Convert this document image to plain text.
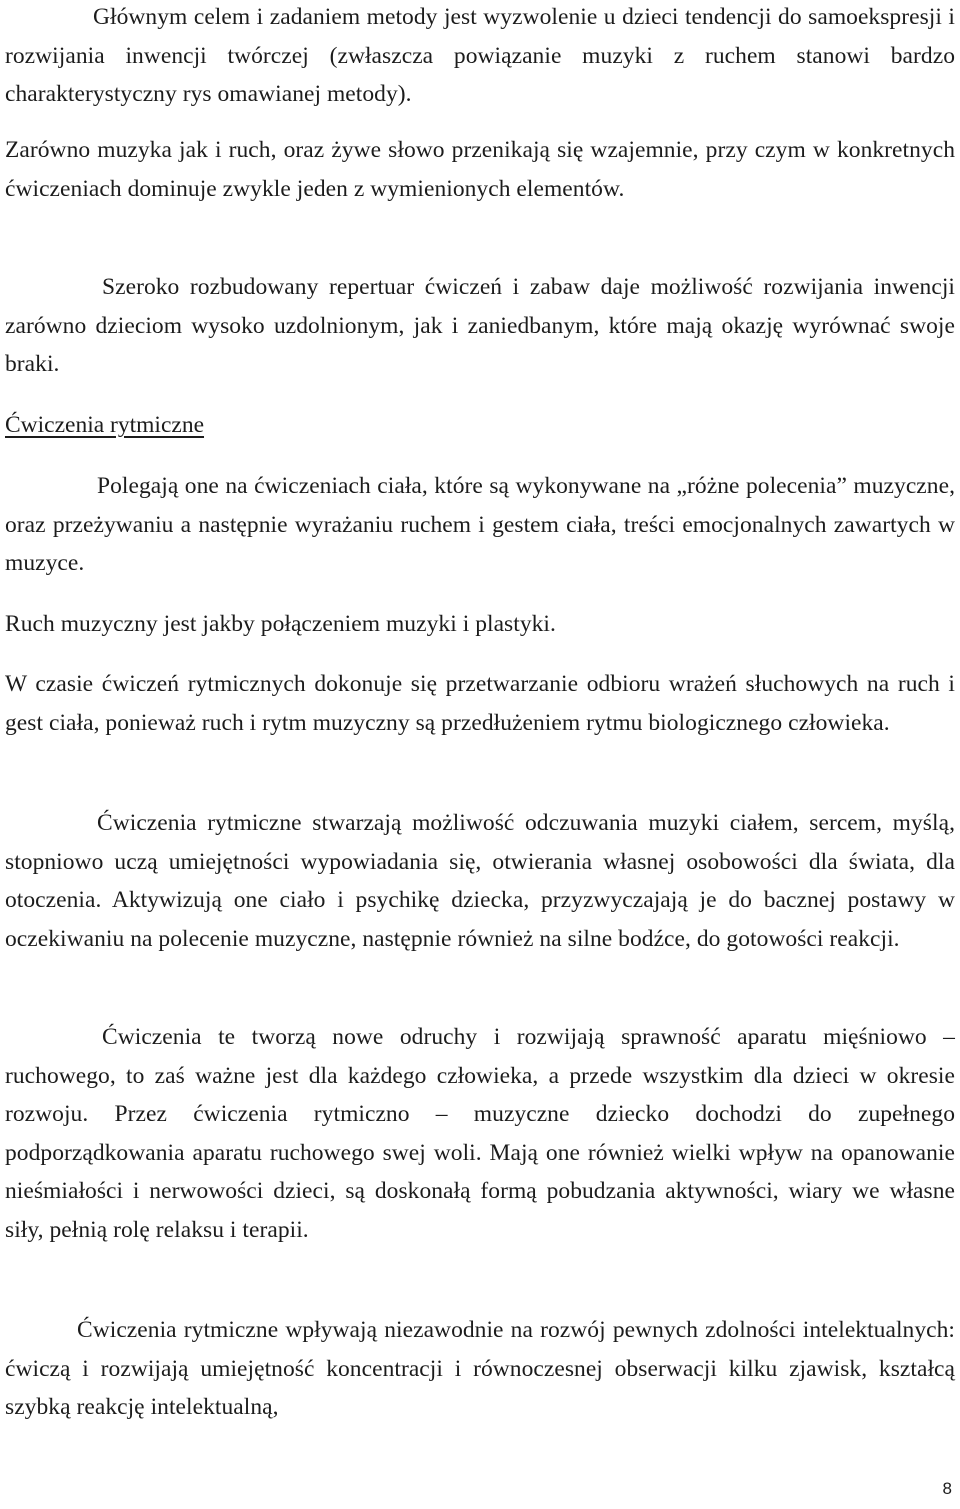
Głównym celem i zadaniem metody jest wyzwolenie u dzieci tendencji do samoekspresji i rozwijania inwencji twórczej (zwłaszcza powiązanie muzyki z ruchem stanowi bardzo charakterystyczny rys omawianej metody).

Zarówno muzyka jak i ruch, oraz żywe słowo przenikają się wzajemnie, przy czym w konkretnych ćwiczeniach dominuje zwykle jeden z wymienionych elementów.

Szeroko rozbudowany repertuar ćwiczeń i zabaw daje możliwość rozwijania inwencji zarówno dzieciom wysoko uzdolnionym, jak i zaniedbanym, które mają okazję wyrównać swoje braki.

Ćwiczenia rytmiczne

Polegają one na ćwiczeniach ciała, które są wykonywane na „różne polecenia” muzyczne, oraz przeżywaniu a następnie wyrażaniu ruchem i gestem ciała, treści emocjonalnych zawartych w muzyce.

Ruch muzyczny jest jakby połączeniem muzyki i plastyki.

W czasie ćwiczeń rytmicznych dokonuje się przetwarzanie odbioru wrażeń słuchowych na ruch i gest ciała, ponieważ ruch i rytm muzyczny są przedłużeniem rytmu biologicznego człowieka.

Ćwiczenia rytmiczne stwarzają możliwość odczuwania muzyki ciałem, sercem, myślą, stopniowo uczą umiejętności wypowiadania się, otwierania własnej osobowości dla świata, dla otoczenia. Aktywizują one ciało i psychikę dziecka, przyzwyczajają je do bacznej postawy w oczekiwaniu na polecenie muzyczne, następnie również na silne bodźce, do gotowości reakcji.

Ćwiczenia te tworzą nowe odruchy i rozwijają sprawność aparatu mięśniowo – ruchowego, to zaś ważne jest dla każdego człowieka, a przede wszystkim dla dzieci w okresie rozwoju. Przez ćwiczenia rytmiczno – muzyczne dziecko dochodzi do zupełnego podporządkowania aparatu ruchowego swej woli. Mają one również wielki wpływ na opanowanie nieśmiałości i nerwowości dzieci, są doskonałą formą pobudzania aktywności, wiary we własne siły, pełnią rolę relaksu i terapii.

Ćwiczenia rytmiczne wpływają niezawodnie na rozwój pewnych zdolności intelektualnych: ćwiczą i rozwijają umiejętność koncentracji i równoczesnej obserwacji kilku zjawisk, kształcą szybką reakcję intelektualną,

8
